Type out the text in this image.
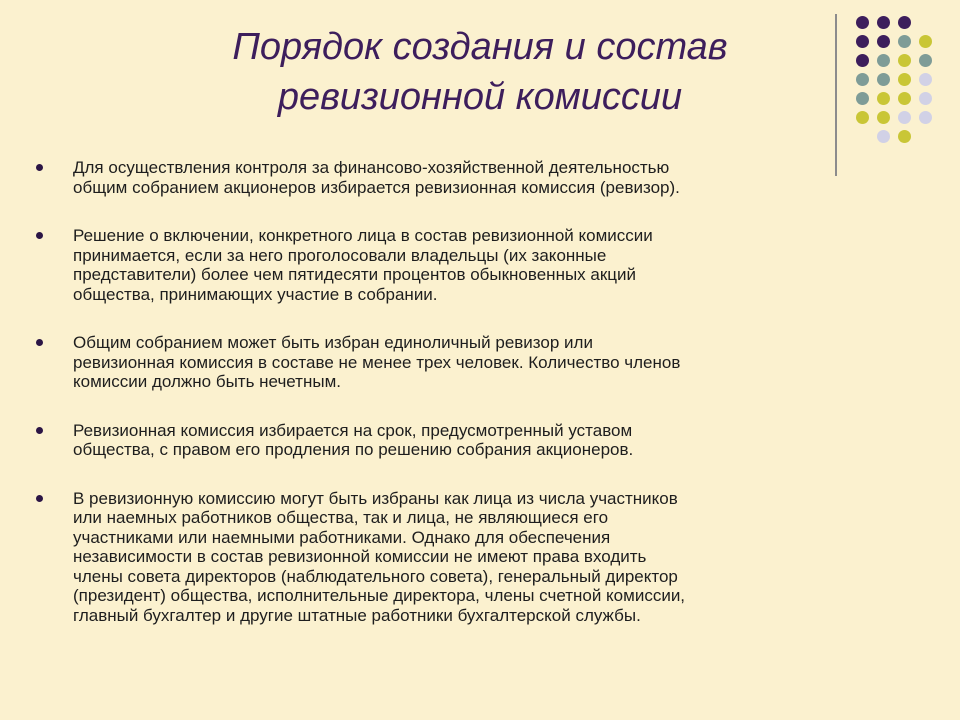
Порядок создания и состав
ревизионной комиссии
Для осуществления контроля за финансово-хозяйственной деятельностью
общим собранием акционеров избирается ревизионная комиссия (ревизор).
Решение о включении, конкретного лица в состав ревизионной комиссии
принимается, если за него проголосовали владельцы (их законные
представители) более чем пятидесяти процентов обыкновенных акций
общества, принимающих участие в собрании.
Общим собранием может быть избран единоличный ревизор или
ревизионная комиссия в составе не менее трех человек. Количество членов
комиссии должно быть нечетным.
Ревизионная комиссия избирается на срок, предусмотренный уставом
общества, с правом его продления по решению собрания акционеров.
В ревизионную комиссию могут быть избраны как лица из числа участников
или наемных работников общества, так и лица, не являющиеся его
участниками или наемными работниками. Однако для обеспечения
независимости в состав ревизионной комиссии не имеют права входить
члены совета директоров (наблюдательного совета), генеральный директор
(президент) общества, исполнительные директора, члены счетной комиссии,
главный бухгалтер и другие штатные работники бухгалтерской службы.
